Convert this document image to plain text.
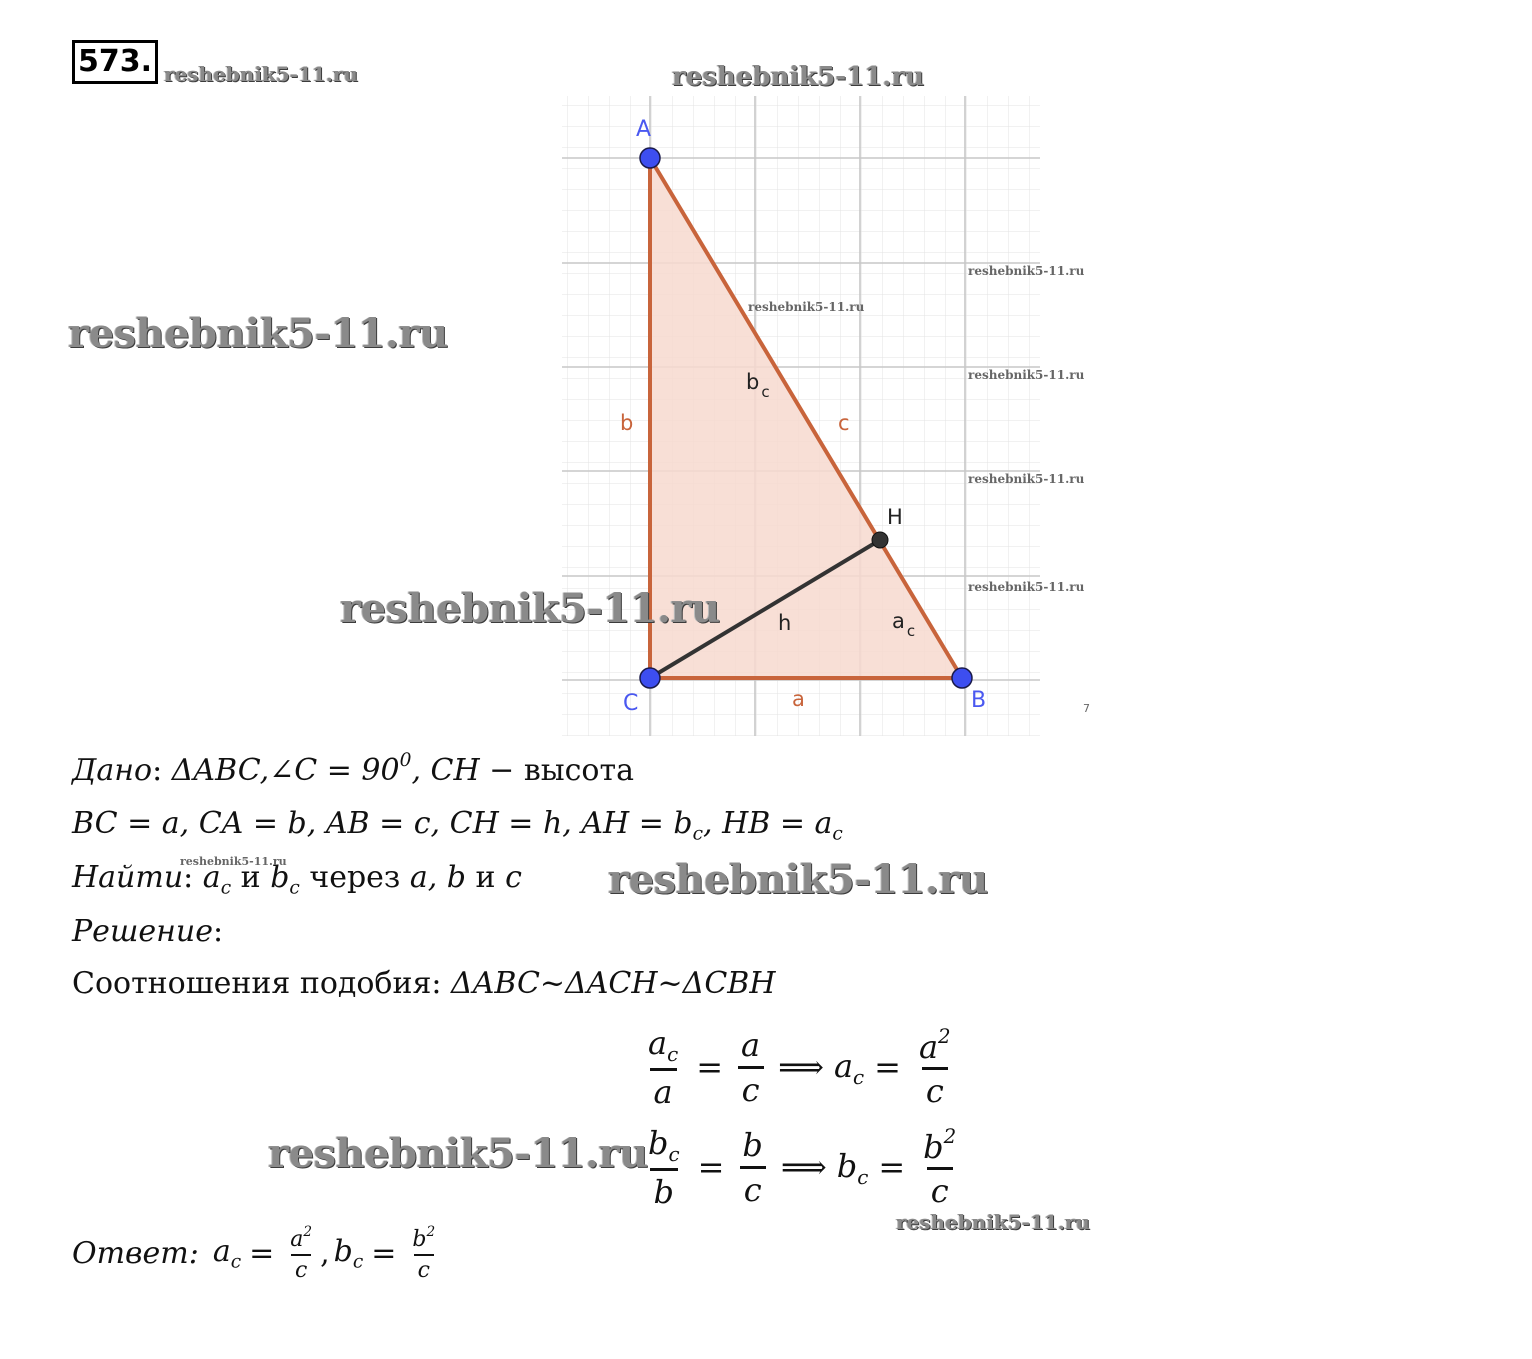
573. reshebnik5-11.ru	reshebnik5-11.ru
reshebnik5-11.ru
A
C	B
H
b	c
a
h
b $_c$
a $_c$
7
reshebnik5-11.ru
reshebnik5-11.ru
reshebnik5-11.ru
reshebnik5-11.ru
reshebnik5-11.ru
reshebnik5-11.ru
Дано: ΔABC,∠C = $90^0$, CH − высота
BC = a, CA = b, AB = c, CH = h, AH = $b_c$, HB = $a_c$
Найти: $a_c$ и $b_c$ через a, b и c
reshebnik5-11.ru	reshebnik5-11.ru
Решение:
Соотношения подобия: ΔABC~ΔACH~ΔCBH
$\frac{a_c}{a} = \frac{a}{c}$ ⟹ $a_c = \frac{a^2}{c}$
$\frac{b_c}{b} = \frac{b}{c}$ ⟹ $b_c = \frac{b^2}{c}$
reshebnik5-11.ru
reshebnik5-11.ru
Ответ: $a_c = \frac{a^2}{c}$ , $b_c = \frac{b^2}{c}$
